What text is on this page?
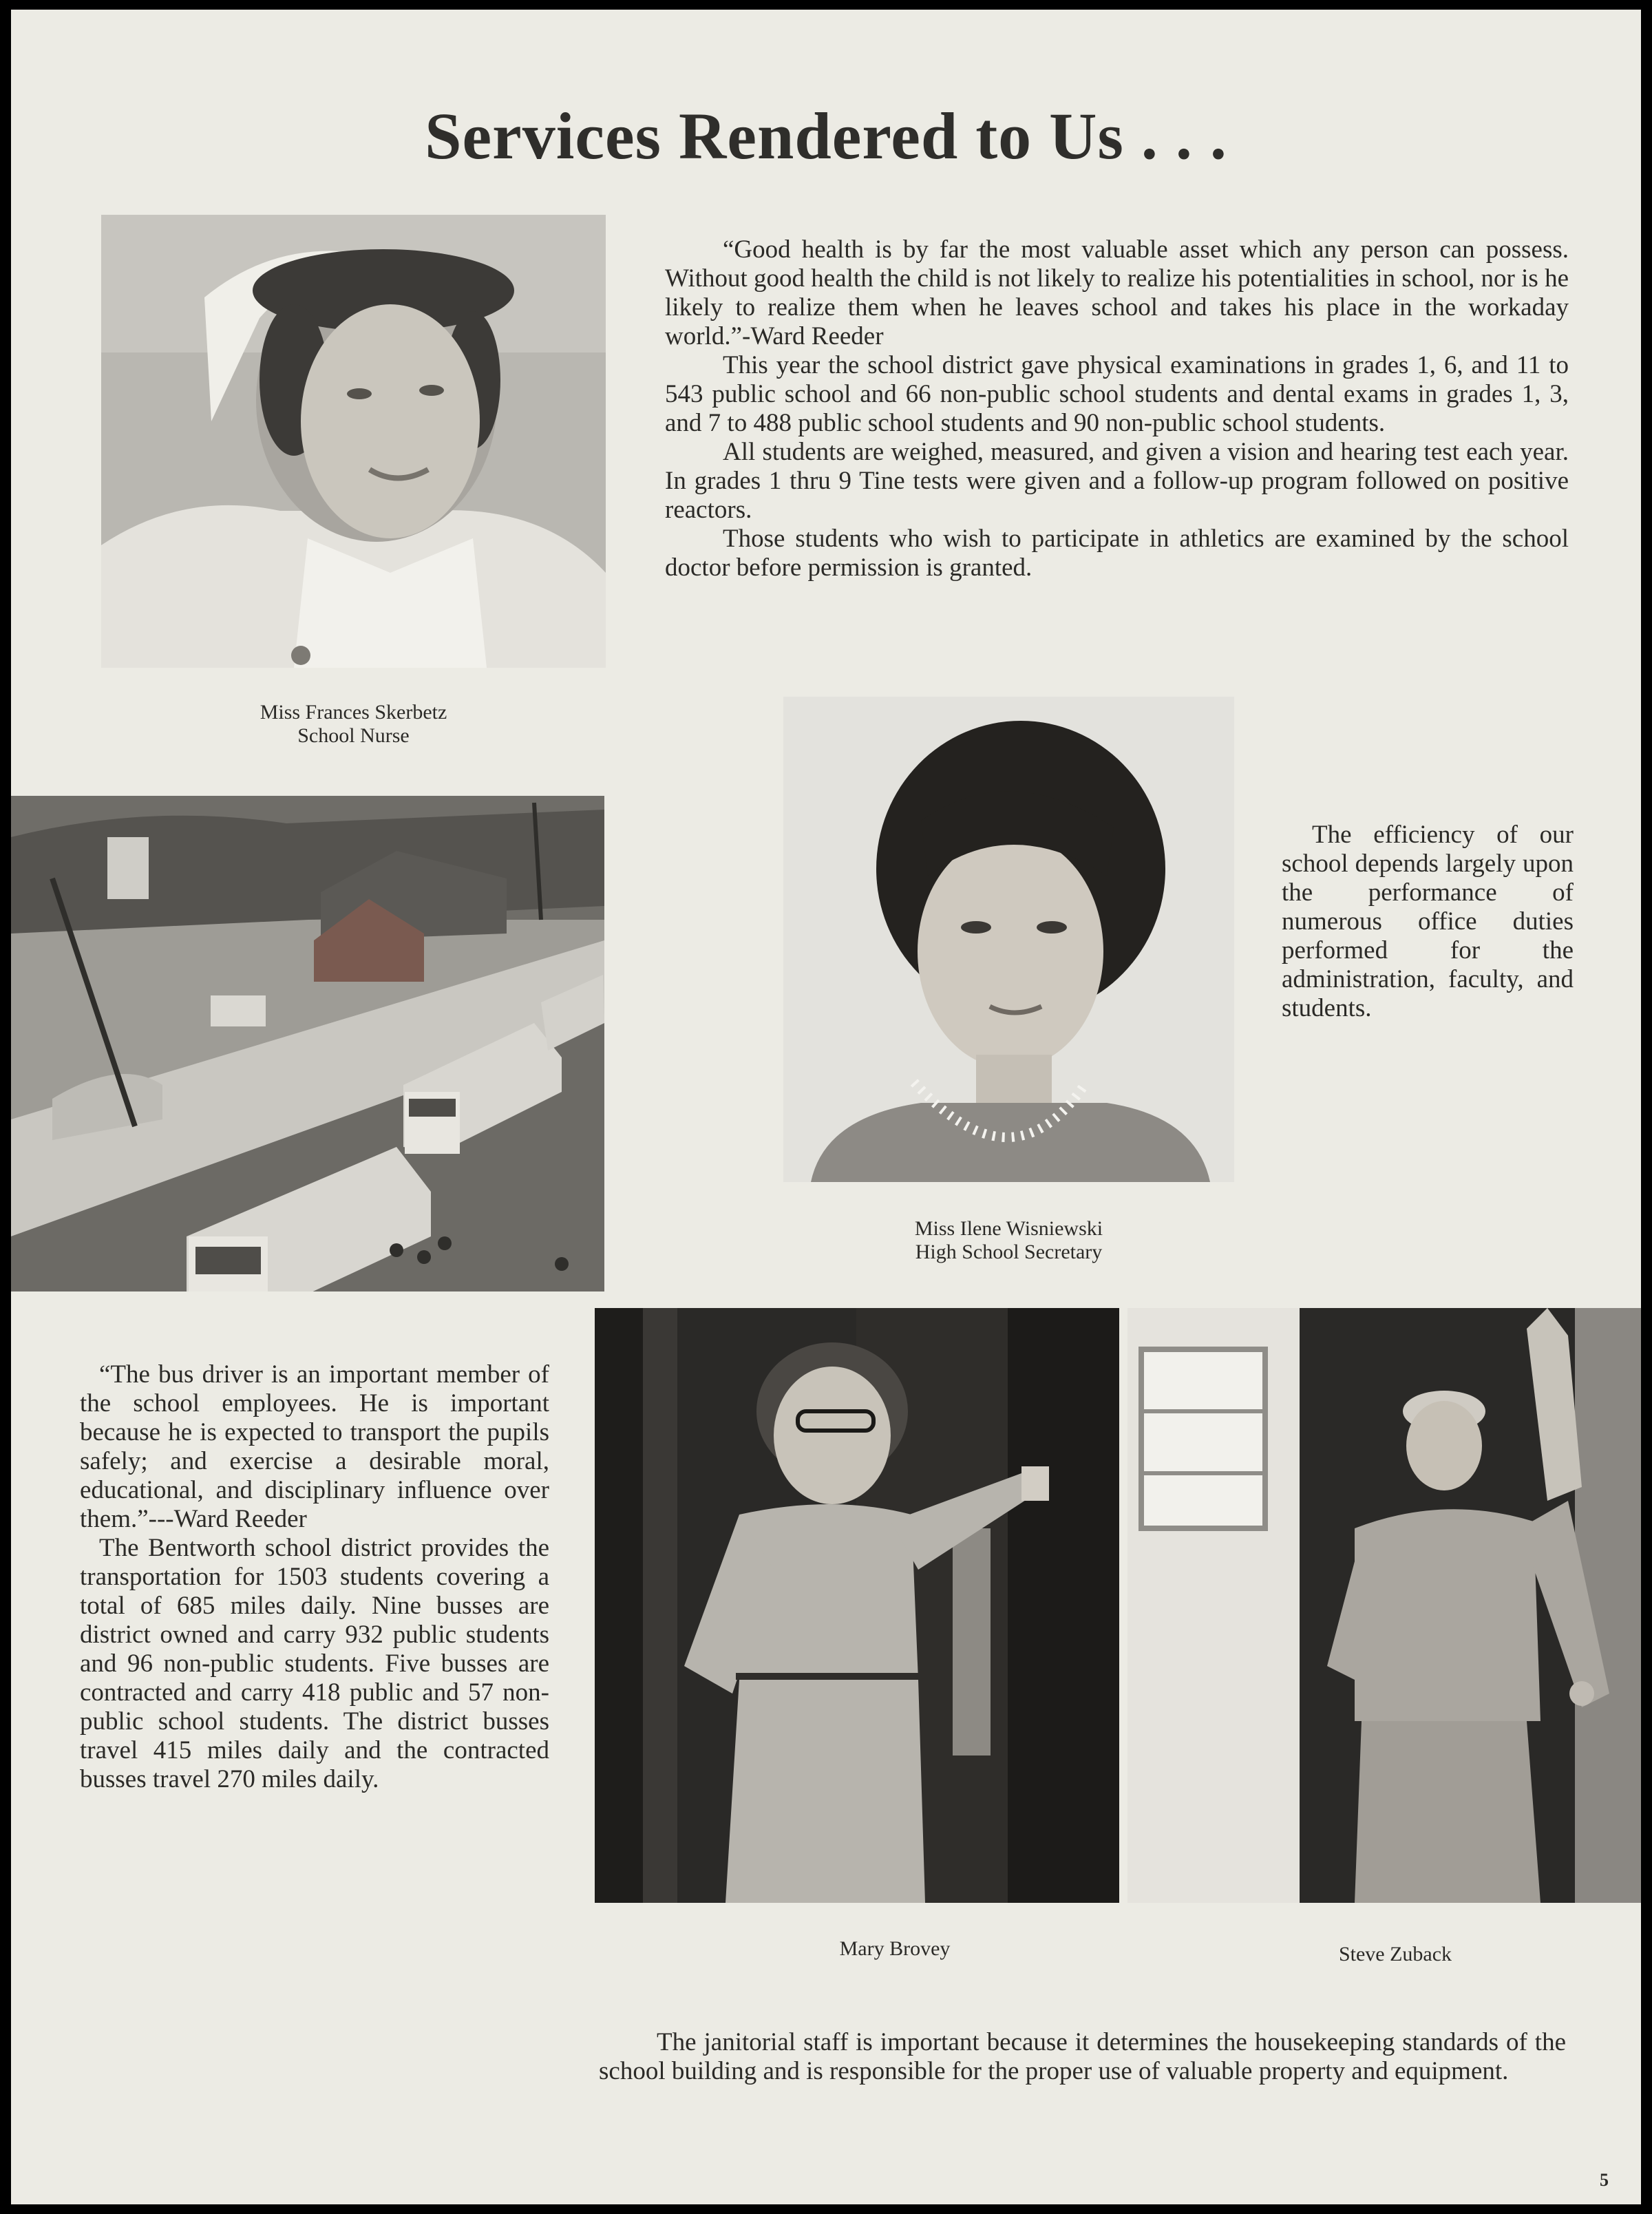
Services Rendered to Us . . .
Miss Frances Skerbetz
School Nurse

“Good health is by far the most valuable asset which any person can possess. Without good health the child is not likely to realize his potentialities in school, nor is he likely to realize them when he leaves school and takes his place in the workaday world.”-Ward Reeder

This year the school district gave physical examinations in grades 1, 6, and 11 to 543 public school and 66 non-public school students and dental exams in grades 1, 3, and 7 to 488 public school students and 90 non-public school students.

All students are weighed, measured, and given a vision and hearing test each year. In grades 1 thru 9 Tine tests were given and a follow-up program followed on positive reactors.

Those students who wish to participate in athletics are examined by the school doctor before permission is granted.

Miss Ilene Wisniewski
High School Secretary

The efficiency of our school depends largely upon the performance of numerous office duties performed for the administration, faculty, and students.

“The bus driver is an important member of the school employees. He is important because he is expected to transport the pupils safely; and exercise a desirable moral, educational, and disciplinary influence over them.”---Ward Reeder

The Bentworth school district provides the transportation for 1503 students covering a total of 685 miles daily. Nine busses are district owned and carry 932 public students and 96 non-public students. Five busses are contracted and carry 418 public and 57 non-public school students. The district busses travel 415 miles daily and the contracted busses travel 270 miles daily.

Mary Brovey	Steve Zuback

The janitorial staff is important because it determines the housekeeping standards of the school building and is responsible for the proper use of valuable property and equipment.

5
